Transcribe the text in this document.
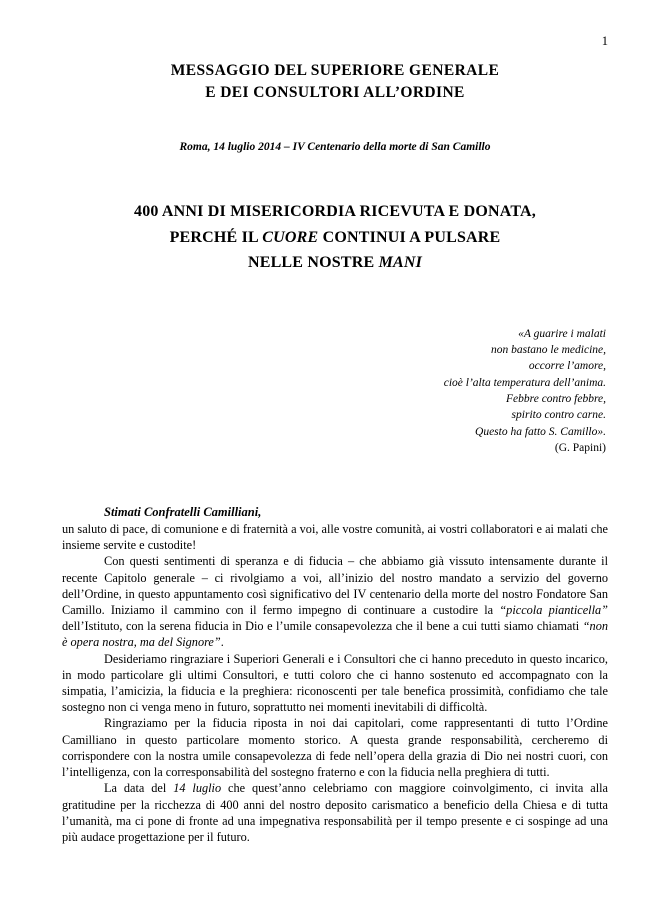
1
MESSAGGIO DEL SUPERIORE GENERALE
E DEI CONSULTORI ALL’ORDINE
Roma, 14 luglio 2014 – IV Centenario della morte di San Camillo
400 ANNI DI MISERICORDIA RICEVUTA E DONATA,
PERCHÉ IL CUORE CONTINUI A PULSARE
NELLE NOSTRE MANI
«A guarire i malati
non bastano le medicine,
occorre l’amore,
cioè l’alta temperatura dell’anima.
Febbre contro febbre,
spirito contro carne.
Questo ha fatto S. Camillo».
(G. Papini)
Stimati Confratelli Camilliani,

un saluto di pace, di comunione e di fraternità a voi, alle vostre comunità, ai vostri collaboratori e ai malati che insieme servite e custodite!

Con questi sentimenti di speranza e di fiducia – che abbiamo già vissuto intensamente durante il recente Capitolo generale – ci rivolgiamo a voi, all’inizio del nostro mandato a servizio del governo dell’Ordine, in questo appuntamento così significativo del IV centenario della morte del nostro Fondatore San Camillo. Iniziamo il cammino con il fermo impegno di continuare a custodire la “piccola pianticella” dell’Istituto, con la serena fiducia in Dio e l’umile consapevolezza che il bene a cui tutti siamo chiamati “non è opera nostra, ma del Signore”.

Desideriamo ringraziare i Superiori Generali e i Consultori che ci hanno preceduto in questo incarico, in modo particolare gli ultimi Consultori, e tutti coloro che ci hanno sostenuto ed accompagnato con la simpatia, l’amicizia, la fiducia e la preghiera: riconoscenti per tale benefica prossimità, confidiamo che tale sostegno non ci venga meno in futuro, soprattutto nei momenti inevitabili di difficoltà.

Ringraziamo per la fiducia riposta in noi dai capitolari, come rappresentanti di tutto l’Ordine Camilliano in questo particolare momento storico. A questa grande responsabilità, cercheremo di corrispondere con la nostra umile consapevolezza di fede nell’opera della grazia di Dio nei nostri cuori, con l’intelligenza, con la corresponsabilità del sostegno fraterno e con la fiducia nella preghiera di tutti.

La data del 14 luglio che quest’anno celebriamo con maggiore coinvolgimento, ci invita alla gratitudine per la ricchezza di 400 anni del nostro deposito carismatico a beneficio della Chiesa e di tutta l’umanità, ma ci pone di fronte ad una impegnativa responsabilità per il tempo presente e ci sospinge ad una più audace progettazione per il futuro.
